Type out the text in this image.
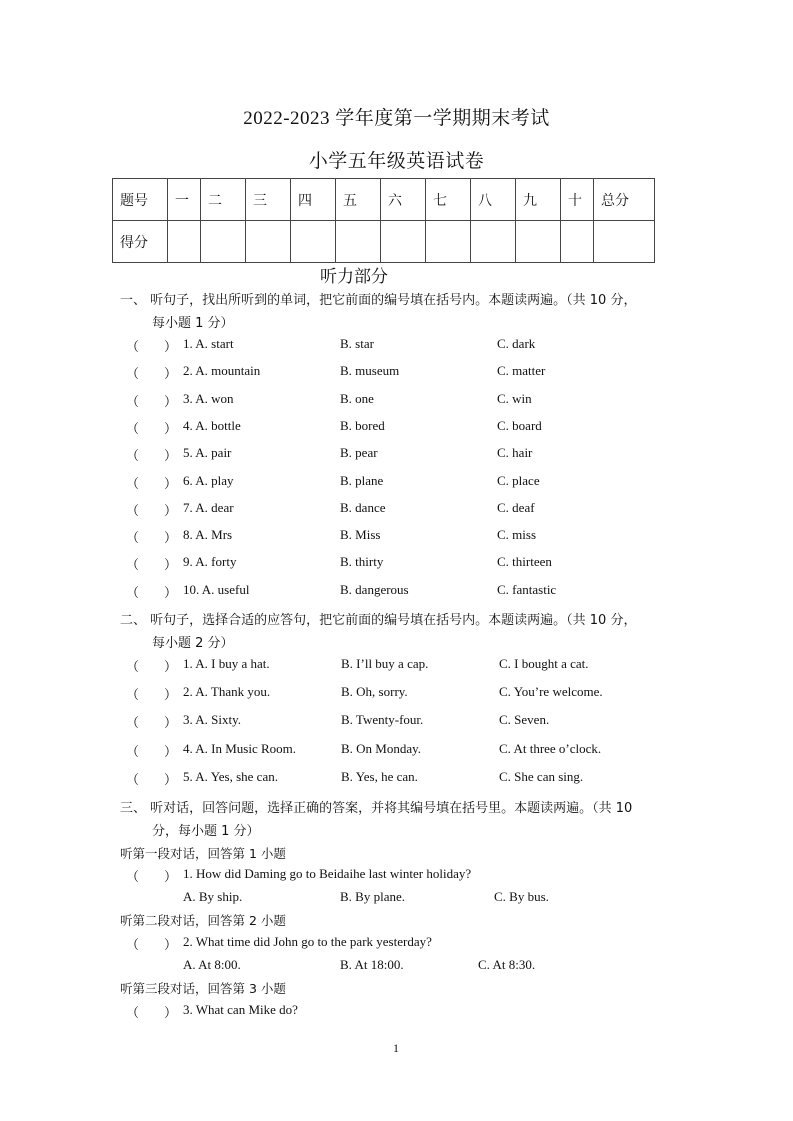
2022-2023 学年度第一学期期末考试
小学五年级英语试卷
题号	一	二	三	四	五	六	七	八	九	十	总分
得分											
听力部分
一、 听句子，找出所听到的单词，把它前面的编号填在括号内。本题读两遍。（共 10 分，
每小题 1 分）
（ ） 1. A. start	B. star	C. dark
（ ） 2. A. mountain	B. museum	C. matter
（ ） 3. A. won	B. one	C. win
（ ） 4. A. bottle	B. bored	C. board
（ ） 5. A. pair	B. pear	C. hair
（ ） 6. A. play	B. plane	C. place
（ ） 7. A. dear	B. dance	C. deaf
（ ） 8. A. Mrs	B. Miss	C. miss
（ ） 9. A. forty	B. thirty	C. thirteen
（ ） 10. A. useful	B. dangerous	C. fantastic
二、 听句子，选择合适的应答句，把它前面的编号填在括号内。本题读两遍。（共 10 分，
每小题 2 分）
（ ） 1. A. I buy a hat.	B. I’ll buy a cap.	C. I bought a cat.
（ ） 2. A. Thank you.	B. Oh, sorry.	C. You’re welcome.
（ ） 3. A. Sixty.	B. Twenty-four.	C. Seven.
（ ） 4. A. In Music Room.	B. On Monday.	C. At three o’clock.
（ ） 5. A. Yes, she can.	B. Yes, he can.	C. She can sing.
三、 听对话，回答问题，选择正确的答案，并将其编号填在括号里。本题读两遍。（共 10
分，每小题 1 分）
听第一段对话，回答第 1 小题
（ ） 1. How did Daming go to Beidaihe last winter holiday?
A. By ship.	B. By plane.	C. By bus.
听第二段对话，回答第 2 小题
（ ） 2. What time did John go to the park yesterday?
A. At 8:00.	B. At 18:00.	C. At 8:30.
听第三段对话，回答第 3 小题
（ ） 3. What can Mike do?
1
